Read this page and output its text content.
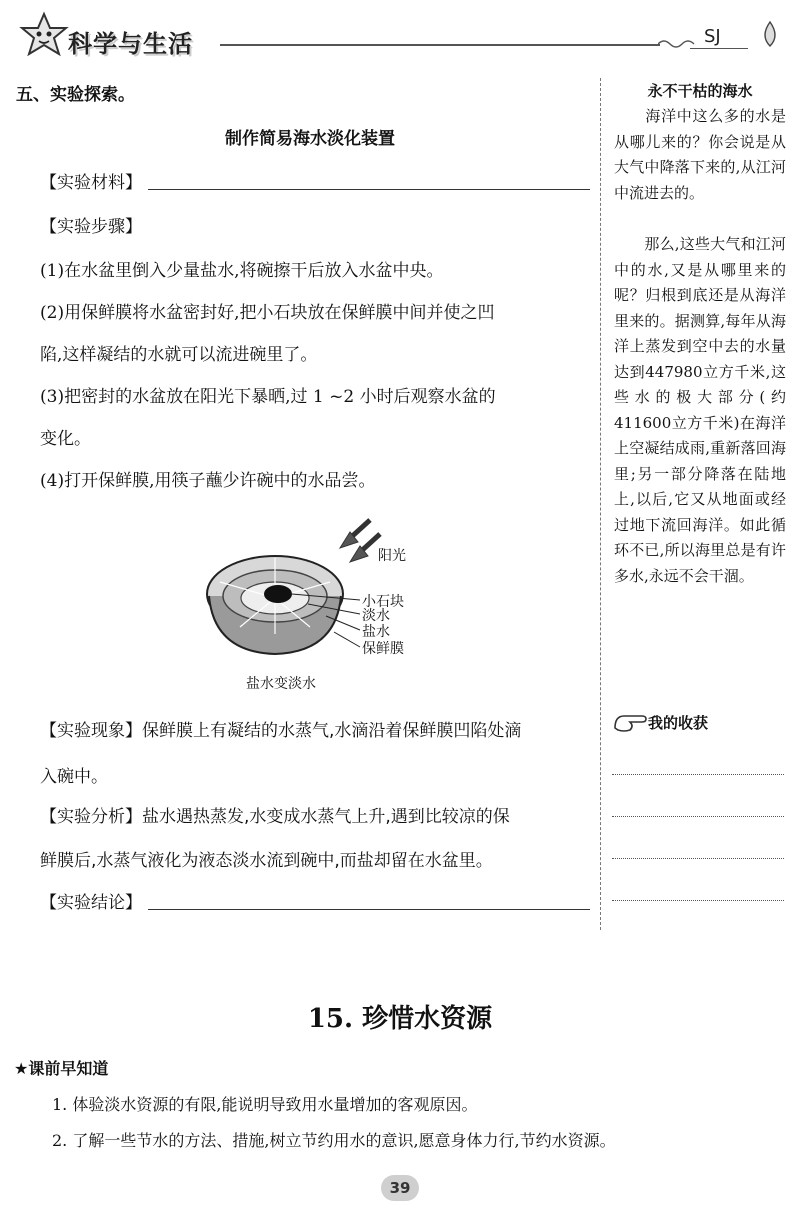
科学与生活	SJ
五、实验探索。
制作简易海水淡化装置
【实验材料】
【实验步骤】
(1)在水盆里倒入少量盐水,将碗擦干后放入水盆中央。
(2)用保鲜膜将水盆密封好,把小石块放在保鲜膜中间并使之凹
陷,这样凝结的水就可以流进碗里了。
(3)把密封的水盆放在阳光下暴晒,过 1 ~2 小时后观察水盆的
变化。
(4)打开保鲜膜,用筷子蘸少许碗中的水品尝。
阳光
小石块
淡水
盐水
保鲜膜
盐水变淡水
【实验现象】保鲜膜上有凝结的水蒸气,水滴沿着保鲜膜凹陷处滴
入碗中。
【实验分析】盐水遇热蒸发,水变成水蒸气上升,遇到比较凉的保
鲜膜后,水蒸气液化为液态淡水流到碗中,而盐却留在水盆里。
【实验结论】
永不干枯的海水
　　海洋中这么多的水是从哪儿来的？你会说是从大气中降落下来的,从江河中流进去的。
　　那么,这些大气和江河中的水,又是从哪里来的呢？归根到底还是从海洋里来的。据测算,每年从海洋上蒸发到空中去的水量达到447980立方千米,这些水的极大部分(约411600立方千米)在海洋上空凝结成雨,重新落回海里;另一部分降落在陆地上,以后,它又从地面或经过地下流回海洋。如此循环不已,所以海里总是有许多水,永远不会干涸。
我的收获
15. 珍惜水资源
★课前早知道
1. 体验淡水资源的有限,能说明导致用水量增加的客观原因。
2. 了解一些节水的方法、措施,树立节约用水的意识,愿意身体力行,节约水资源。
39
